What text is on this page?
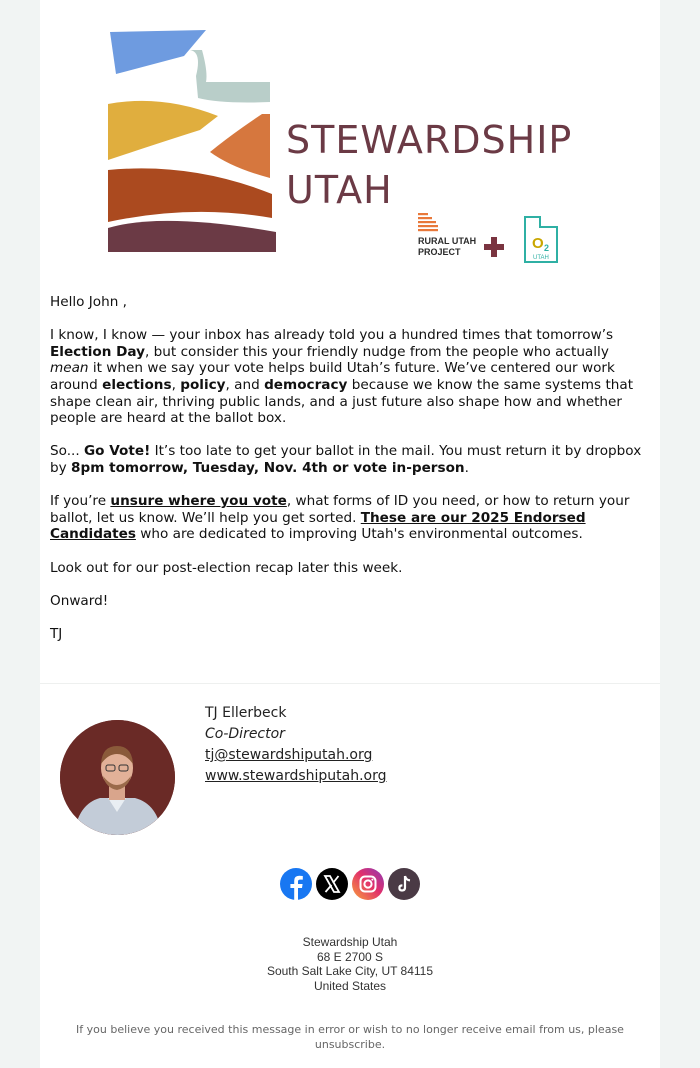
STEWARDSHIP
UTAH
RURAL UTAH
PROJECT	O 2
UTAH

Hello John ,

I know, I know — your inbox has already told you a hundred times that tomorrow’s Election Day, but consider this your friendly nudge from the people who actually mean it when we say your vote helps build Utah’s future. We’ve centered our work around elections, policy, and democracy because we know the same systems that shape clean air, thriving public lands, and a just future also shape how and whether people are heard at the ballot box.

So... Go Vote! It’s too late to get your ballot in the mail. You must return it by dropbox by 8pm tomorrow, Tuesday, Nov. 4th or vote in-person.

If you’re unsure where you vote, what forms of ID you need, or how to return your ballot, let us know. We’ll help you get sorted. These are our 2025 Endorsed Candidates who are dedicated to improving Utah's environmental outcomes.

Look out for our post-election recap later this week.

Onward!

TJ

TJ Ellerbeck
Co-Director
tj@stewardshiputah.org
www.stewardshiputah.org
Stewardship Utah
68 E 2700 S
South Salt Lake City, UT 84115
United States
If you believe you received this message in error or wish to no longer receive email from us, please unsubscribe.
